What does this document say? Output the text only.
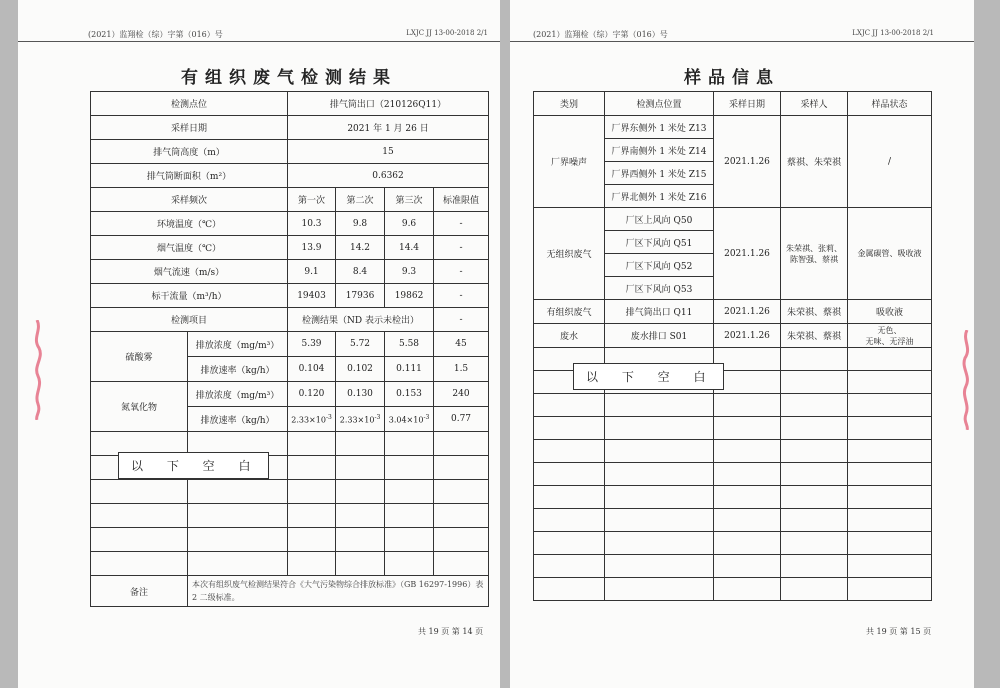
(2021）监翔检（综）字第（016）号	LXJC JJ 13-00-2018 2/1
有组织废气检测结果
检测点位		排气筒出口（210126Q11）			
采样日期		2021 年 1 月 26 日			
排气筒高度（m）		15			
排气筒断面积（m²）		0.6362			
采样频次		第一次	第二次	第三次	标准限值
环境温度（℃）		10.3	9.8	9.6	-
烟气温度（℃）		13.9	14.2	14.4	-
烟气流速（m/s）		9.1	8.4	9.3	-
标干流量（m³/h）		19403	17936	19862	-
检测项目		检测结果（ND 表示未检出）			-
硫酸雾	排放浓度（mg/m³）	5.39	5.72	5.58	45
	排放速率（kg/h）	0.104	0.102	0.111	1.5
氮氧化物	排放浓度（mg/m³）	0.120	0.130	0.153	240
	排放速率（kg/h）	$2.33\times 10^{-3}$	$2.33\times 10^{-3}$	$3.04\times 10^{-3}$	0.77

备注	本次有组织废气检测结果符合《大气污染物综合排放标准》（GB 16297-1996）表 2 二级标准。				
以 下 空 白
共 19 页 第 14 页
(2021）监翔检（综）字第（016）号	LXJC JJ 13-00-2018 2/1
样品信息
类别	检测点位置	采样日期	采样人	样品状态
厂界噪声	厂界东侧外 1 米处 Z13	2021.1.26	蔡祺、朱荣祺	/
	厂界南侧外 1 米处 Z14			
	厂界西侧外 1 米处 Z15			
	厂界北侧外 1 米处 Z16			
无组织废气	厂区上风向 Q50	2021.1.26	朱荣祺、张莉、陈智强、蔡祺	金属碳管、吸收液
	厂区下风向 Q51			
	厂区下风向 Q52			
	厂区下风向 Q53			
有组织废气	排气筒出口 Q11	2021.1.26	朱荣祺、蔡祺	吸收液
废水	废水排口 S01	2021.1.26	朱荣祺、蔡祺	无色、
无味、无浮油

以 下 空 白
共 19 页 第 15 页
